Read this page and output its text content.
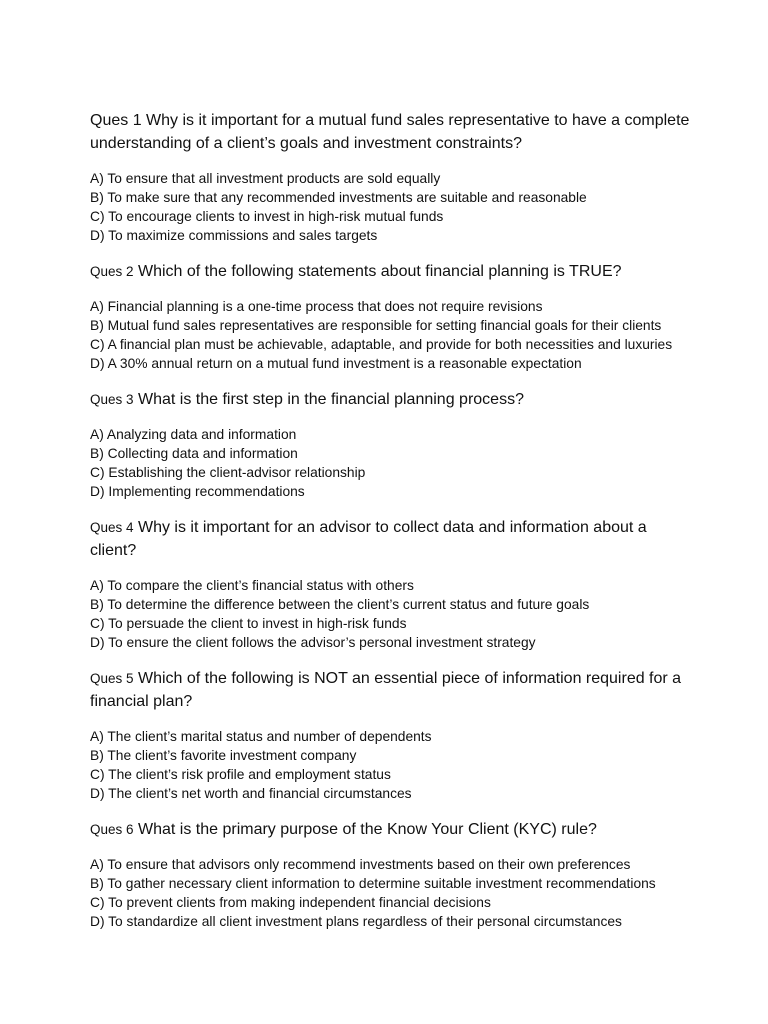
Ques 1 Why is it important for a mutual fund sales representative to have a complete understanding of a client’s goals and investment constraints?

A) To ensure that all investment products are sold equally
B) To make sure that any recommended investments are suitable and reasonable
C) To encourage clients to invest in high-risk mutual funds
D) To maximize commissions and sales targets

Ques 2 Which of the following statements about financial planning is TRUE?

A) Financial planning is a one-time process that does not require revisions
B) Mutual fund sales representatives are responsible for setting financial goals for their clients
C) A financial plan must be achievable, adaptable, and provide for both necessities and luxuries
D) A 30% annual return on a mutual fund investment is a reasonable expectation

Ques 3 What is the first step in the financial planning process?

A) Analyzing data and information
B) Collecting data and information
C) Establishing the client-advisor relationship
D) Implementing recommendations

Ques 4 Why is it important for an advisor to collect data and information about a client?

A) To compare the client’s financial status with others
B) To determine the difference between the client’s current status and future goals
C) To persuade the client to invest in high-risk funds
D) To ensure the client follows the advisor’s personal investment strategy

Ques 5 Which of the following is NOT an essential piece of information required for a financial plan?

A) The client’s marital status and number of dependents
B) The client’s favorite investment company
C) The client’s risk profile and employment status
D) The client’s net worth and financial circumstances

Ques 6 What is the primary purpose of the Know Your Client (KYC) rule?

A) To ensure that advisors only recommend investments based on their own preferences
B) To gather necessary client information to determine suitable investment recommendations
C) To prevent clients from making independent financial decisions
D) To standardize all client investment plans regardless of their personal circumstances
